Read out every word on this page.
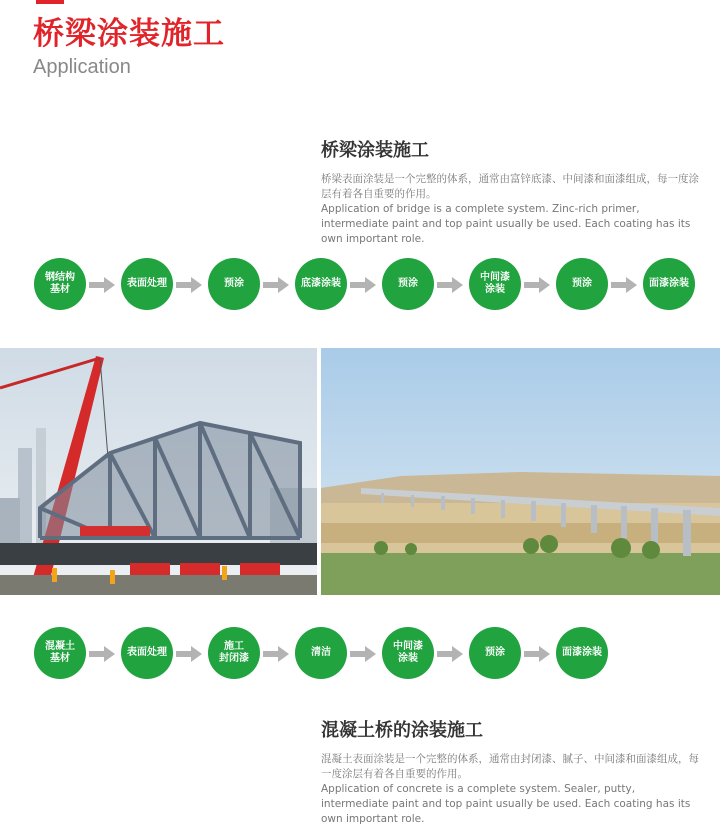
桥梁涂装施工
Application
桥梁涂装施工

桥梁表面涂装是一个完整的体系，通常由富锌底漆、中间漆和面漆组成，每一度涂层有着各自重要的作用。

Application of bridge is a complete system. Zinc-rich primer, intermediate paint and top paint usually be used. Each coating has its own important role.

钢结构
基材
表面处理	预涂	底漆涂装	预涂
中间漆
涂装
预涂	面漆涂装
混凝土
基材
表面处理
施工
封闭漆
清洁
中间漆
涂装
预涂	面漆涂装
混凝土桥的涂装施工

混凝土表面涂装是一个完整的体系，通常由封闭漆、腻子、中间漆和面漆组成，每一度涂层有着各自重要的作用。

Application of concrete is a complete system. Sealer, putty, intermediate paint and top paint usually be used. Each coating has its own important role.
